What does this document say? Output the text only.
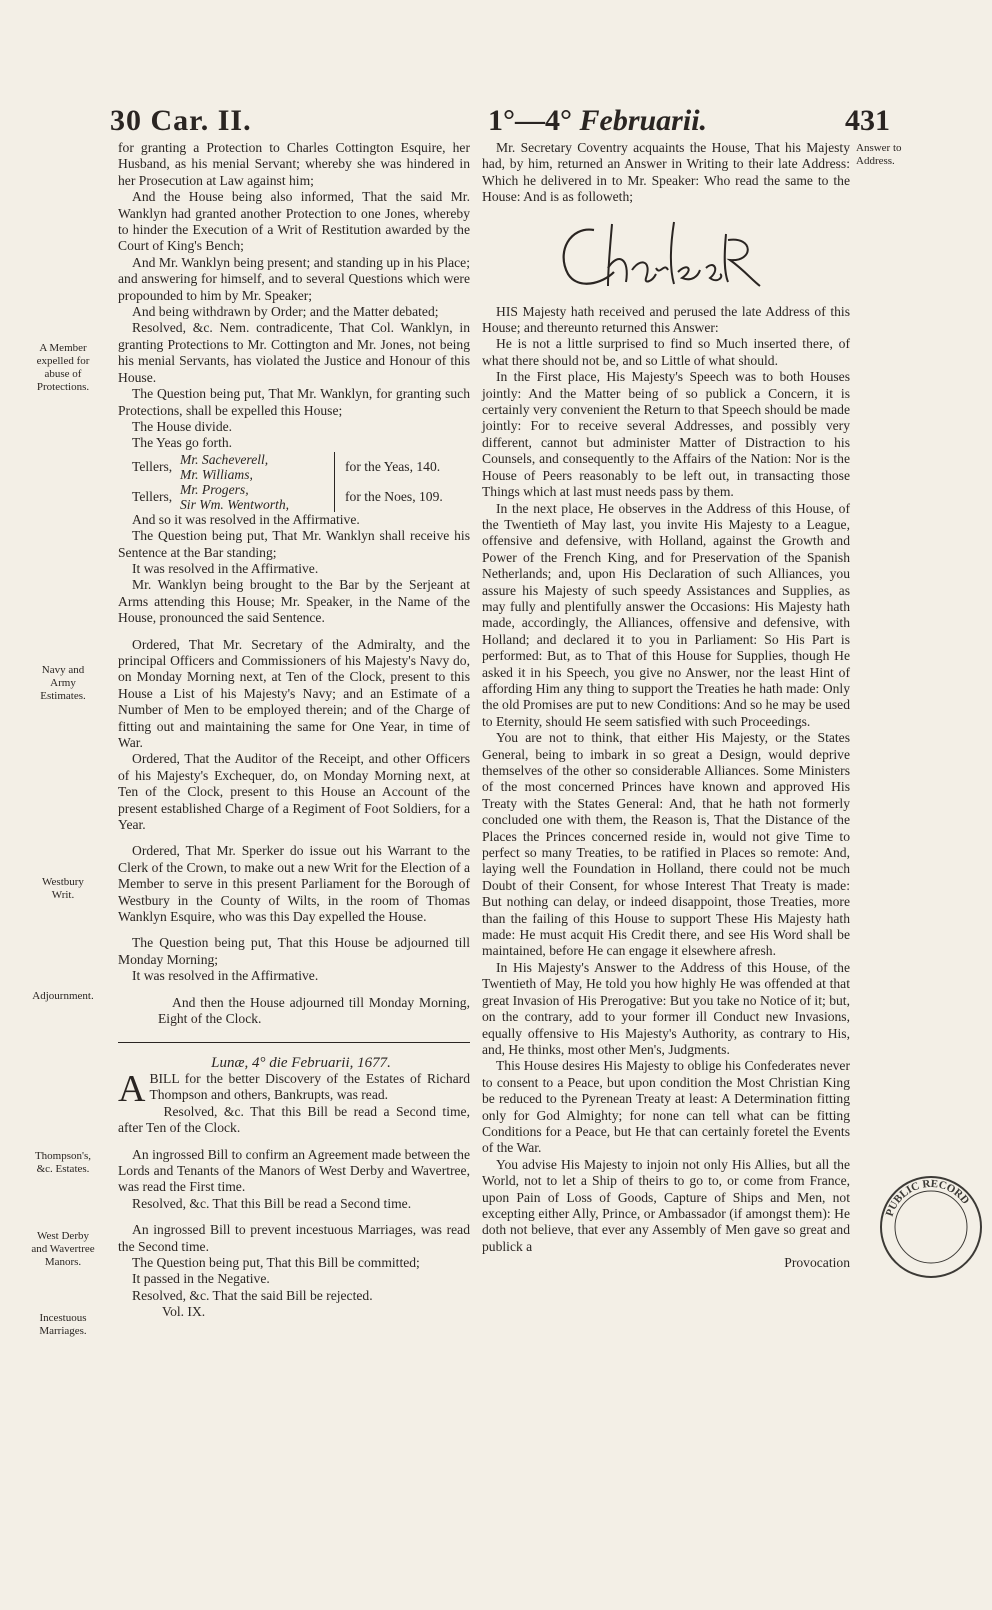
30 Car. II.	1°—4° Februarii.	431
A Member expelled for abuse of Protections.
Navy and Army Estimates.
Westbury Writ.
Adjournment.
Thompson's, &c. Estates.
West Derby and Wavertree Manors.
Incestuous Marriages.
Answer to Address.

for granting a Protection to Charles Cottington Esquire, her Husband, as his menial Servant; whereby she was hindered in her Prosecution at Law against him;

And the House being also informed, That the said Mr. Wanklyn had granted another Protection to one Jones, whereby to hinder the Execution of a Writ of Restitution awarded by the Court of King's Bench;

And Mr. Wanklyn being present; and standing up in his Place; and answering for himself, and to several Questions which were propounded to him by Mr. Speaker;

And being withdrawn by Order; and the Matter debated;

Resolved, &c. Nem. contradicente, That Col. Wanklyn, in granting Protections to Mr. Cottington and Mr. Jones, not being his menial Servants, has violated the Justice and Honour of this House.

The Question being put, That Mr. Wanklyn, for granting such Protections, shall be expelled this House;

The House divide.

The Yeas go forth.

Tellers, Mr. Sacheverell,
Mr. Williams,
for the Yeas, 140.
Tellers, Mr. Progers,
Sir Wm. Wentworth,
for the Noes, 109.

And so it was resolved in the Affirmative.

The Question being put, That Mr. Wanklyn shall receive his Sentence at the Bar standing;

It was resolved in the Affirmative.

Mr. Wanklyn being brought to the Bar by the Serjeant at Arms attending this House; Mr. Speaker, in the Name of the House, pronounced the said Sentence.

Ordered, That Mr. Secretary of the Admiralty, and the principal Officers and Commissioners of his Majesty's Navy do, on Monday Morning next, at Ten of the Clock, present to this House a List of his Majesty's Navy; and an Estimate of a Number of Men to be employed therein; and of the Charge of fitting out and maintaining the same for One Year, in time of War.

Ordered, That the Auditor of the Receipt, and other Officers of his Majesty's Exchequer, do, on Monday Morning next, at Ten of the Clock, present to this House an Account of the present established Charge of a Regiment of Foot Soldiers, for a Year.

Ordered, That Mr. Sperker do issue out his Warrant to the Clerk of the Crown, to make out a new Writ for the Election of a Member to serve in this present Parliament for the Borough of Westbury in the County of Wilts, in the room of Thomas Wanklyn Esquire, who was this Day expelled the House.

The Question being put, That this House be adjourned till Monday Morning;

It was resolved in the Affirmative.

And then the House adjourned till Monday Morning, Eight of the Clock.

Lunæ, 4° die Februarii, 1677.

A BILL for the better Discovery of the Estates of Richard Thompson and others, Bankrupts, was read.

Resolved, &c. That this Bill be read a Second time, after Ten of the Clock.

An ingrossed Bill to confirm an Agreement made between the Lords and Tenants of the Manors of West Derby and Wavertree, was read the First time.

Resolved, &c. That this Bill be read a Second time.

An ingrossed Bill to prevent incestuous Marriages, was read the Second time.

The Question being put, That this Bill be committed;

It passed in the Negative.

Resolved, &c. That the said Bill be rejected.

Vol. IX.

Mr. Secretary Coventry acquaints the House, That his Majesty had, by him, returned an Answer in Writing to their late Address: Which he delivered in to Mr. Speaker: Who read the same to the House: And is as followeth;

HIS Majesty hath received and perused the late Address of this House; and thereunto returned this Answer:

He is not a little surprised to find so Much inserted there, of what there should not be, and so Little of what should.

In the First place, His Majesty's Speech was to both Houses jointly: And the Matter being of so publick a Concern, it is certainly very convenient the Return to that Speech should be made jointly: For to receive several Addresses, and possibly very different, cannot but administer Matter of Distraction to his Counsels, and consequently to the Affairs of the Nation: Nor is the House of Peers reasonably to be left out, in transacting those Things which at last must needs pass by them.

In the next place, He observes in the Address of this House, of the Twentieth of May last, you invite His Majesty to a League, offensive and defensive, with Holland, against the Growth and Power of the French King, and for Preservation of the Spanish Netherlands; and, upon His Declaration of such Alliances, you assure his Majesty of such speedy Assistances and Supplies, as may fully and plentifully answer the Occasions: His Majesty hath made, accordingly, the Alliances, offensive and defensive, with Holland; and declared it to you in Parliament: So His Part is performed: But, as to That of this House for Supplies, though He asked it in his Speech, you give no Answer, nor the least Hint of affording Him any thing to support the Treaties he hath made: Only the old Promises are put to new Conditions: And so he may be used to Eternity, should He seem satisfied with such Proceedings.

You are not to think, that either His Majesty, or the States General, being to imbark in so great a Design, would deprive themselves of the other so considerable Alliances. Some Ministers of the most concerned Princes have known and approved His Treaty with the States General: And, that he hath not formerly concluded one with them, the Reason is, That the Distance of the Places the Princes concerned reside in, would not give Time to perfect so many Treaties, to be ratified in Places so remote: And, laying well the Foundation in Holland, there could not be much Doubt of their Consent, for whose Interest That Treaty is made: But nothing can delay, or indeed disappoint, those Treaties, more than the failing of this House to support These His Majesty hath made: He must acquit His Credit there, and see His Word shall be maintained, before He can engage it elsewhere afresh.

In His Majesty's Answer to the Address of this House, of the Twentieth of May, He told you how highly He was offended at that great Invasion of His Prerogative: But you take no Notice of it; but, on the contrary, add to your former ill Conduct new Invasions, equally offensive to His Majesty's Authority, as contrary to His, and, He thinks, most other Men's, Judgments.

This House desires His Majesty to oblige his Confederates never to consent to a Peace, but upon condition the Most Christian King be reduced to the Pyrenean Treaty at least: A Determination fitting only for God Almighty; for none can tell what can be fitting Conditions for a Peace, but He that can certainly foretel the Events of the War.

You advise His Majesty to injoin not only His Allies, but all the World, not to let a Ship of theirs to go to, or come from France, upon Pain of Loss of Goods, Capture of Ships and Men, not excepting either Ally, Prince, or Ambassador (if amongst them): He doth not believe, that ever any Assembly of Men gave so great and publick a

Provocation

PUBLIC RECORD
